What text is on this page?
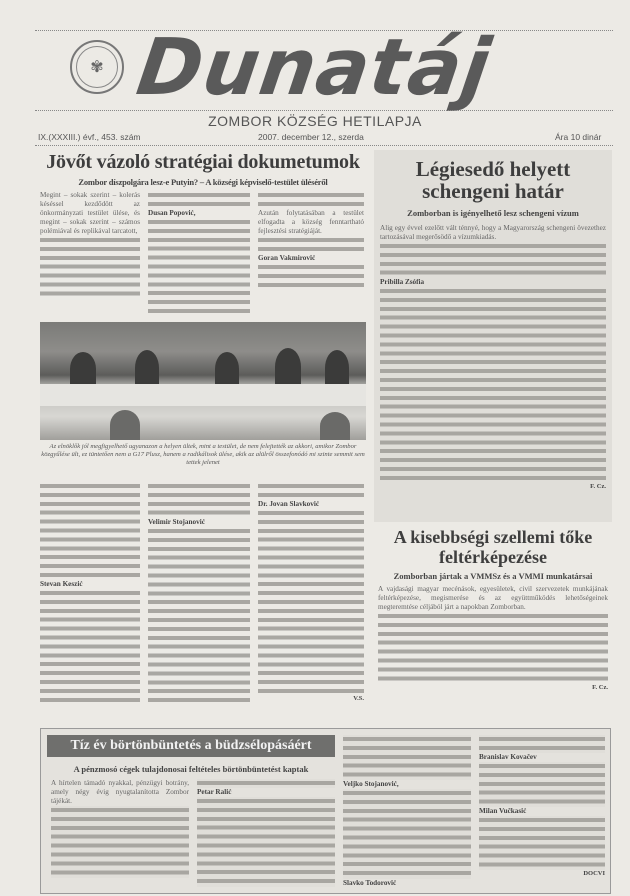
✾ Dunatáj
ZOMBOR KÖZSÉG HETILAPJA
IX.(XXXIII.) évf., 453. szám	2007. december 12., szerda	Ára 10 dinár
Jövőt vázoló stratégiai dokumetumok
Zombor díszpolgára lesz-e Putyin? – A községi képviselő-testület üléséről
Megint – sokak szerint – kolerás késéssel kezdődött az önkormányzati testület ülése, és megint – sokak szerint – számos polémiával és replikával tarcatott,
Dusan Popović,	Azután folytatásában a testület elfogadta a község fenntartható fejlesztési stratégiáját.
Goran Vakmirović
Az elnöklők jól megfigyelhető ugyanazon a helyen ültek, mint a testület, de nem felejtették az akkori, amikor Zombor közgyűlése ült, ez tüntetően nem a G17 Plusz, hanem a radikálisok ülése, akik az alülről összefonódó mi szinte semmit sem tettek jelenet
Stevan Keszić
Velimir Stojanović
Dr. Jovan Slavković
V.S.
Légiesedő helyett schengeni határ
Zomborban is igényelhető lesz schengeni vízum
Alig egy évvel ezelőtt vált ténnyé, hogy a Magyarország schengeni övezethez tartozásával megerősödő a vízumkiadás.
Pribilla Zsófia
F. Cz.
A kisebbségi szellemi tőke feltérképezése
Zomborban jártak a VMMSz és a VMMI munkatársai
A vajdasági magyar mecénások, egyesületek, civil szervezetek munkájának feltérképezése, megismerése és az együttműködés lehetőségeinek megteremtése céljából járt a napokban Zomborban.
F. Cz.
Tíz év börtönbüntetés a büdzsélopásáért
A pénzmosó cégek tulajdonosai feltételes börtönbüntetést kaptak
A hírtelen támadó nyakkal, pénzügyi botrány, amely négy évig nyugtalanította Zombor tájékát.
Petar Ralić
Veljko Stojanović,
Slavko Todorović
Branislav Kovačev
Milan Vučkasić
DOCVI
